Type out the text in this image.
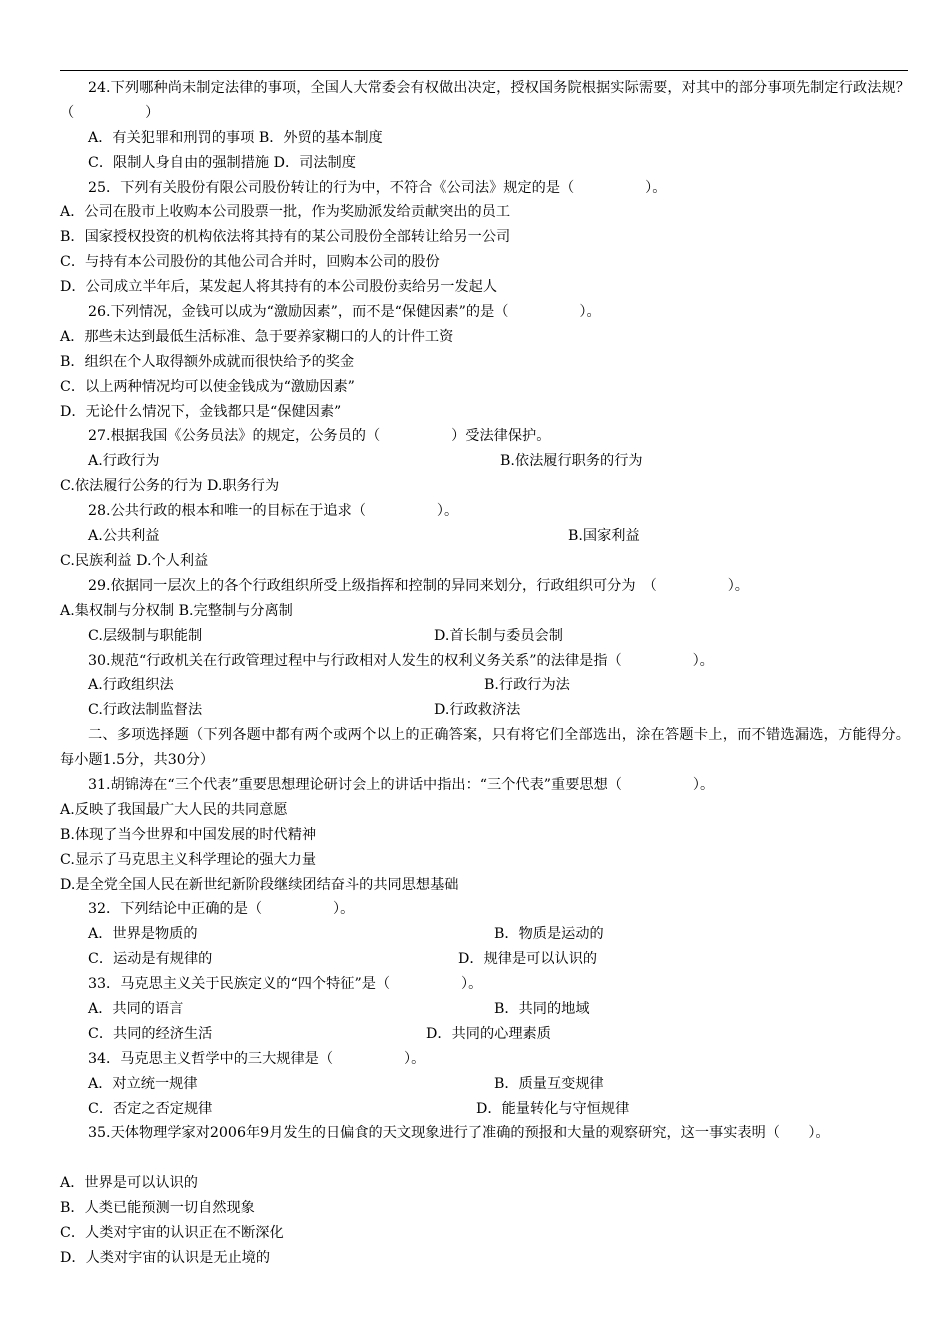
24.下列哪种尚未制定法律的事项，全国人大常委会有权做出决定，授权国务院根据实际需要，对其中的部分事项先制定行政法规？（　　　　　）
A．有关犯罪和刑罚的事项 B．外贸的基本制度
C．限制人身自由的强制措施 D．司法制度
25．下列有关股份有限公司股份转让的行为中，不符合《公司法》规定的是（　　　　　）。
A．公司在股市上收购本公司股票一批，作为奖励派发给贡献突出的员工
B．国家授权投资的机构依法将其持有的某公司股份全部转让给另一公司
C．与持有本公司股份的其他公司合并时，回购本公司的股份
D．公司成立半年后，某发起人将其持有的本公司股份卖给另一发起人
26.下列情况，金钱可以成为“激励因素”，而不是“保健因素”的是（　　　　　）。
A．那些未达到最低生活标准、急于要养家糊口的人的计件工资
B．组织在个人取得额外成就而很快给予的奖金
C．以上两种情况均可以使金钱成为“激励因素”
D．无论什么情况下，金钱都只是“保健因素”
27.根据我国《公务员法》的规定，公务员的（　　　　　）受法律保护。
A.行政行为	B.依法履行职务的行为
C.依法履行公务的行为 D.职务行为
28.公共行政的根本和唯一的目标在于追求（　　　　　）。
A.公共利益	B.国家利益
C.民族利益 D.个人利益
29.依据同一层次上的各个行政组织所受上级指挥和控制的异同来划分，行政组织可分为　（　　　　　）。
A.集权制与分权制 B.完整制与分离制
C.层级制与职能制	D.首长制与委员会制
30.规范“行政机关在行政管理过程中与行政相对人发生的权利义务关系”的法律是指（　　　　　）。
A.行政组织法	B.行政行为法
C.行政法制监督法	D.行政救济法
二、多项选择题（下列各题中都有两个或两个以上的正确答案，只有将它们全部选出，涂在答题卡上，而不错选漏选，方能得分。每小题1.5分，共30分）
31.胡锦涛在“三个代表”重要思想理论研讨会上的讲话中指出：“三个代表”重要思想（　　　　　）。
A.反映了我国最广大人民的共同意愿
B.体现了当今世界和中国发展的时代精神
C.显示了马克思主义科学理论的强大力量
D.是全党全国人民在新世纪新阶段继续团结奋斗的共同思想基础
32．下列结论中正确的是（　　　　　）。
A．世界是物质的	B．物质是运动的
C．运动是有规律的	D．规律是可以认识的
33．马克思主义关于民族定义的“四个特征”是（　　　　　）。
A．共同的语言	B．共同的地域
C．共同的经济生活	D．共同的心理素质
34．马克思主义哲学中的三大规律是（　　　　　）。
A．对立统一规律	B．质量互变规律
C．否定之否定规律	D．能量转化与守恒规律
35.天体物理学家对2006年9月发生的日偏食的天文现象进行了准确的预报和大量的观察研究，这一事实表明（　　）。
A．世界是可以认识的
B．人类已能预测一切自然现象
C．人类对宇宙的认识正在不断深化
D．人类对宇宙的认识是无止境的
